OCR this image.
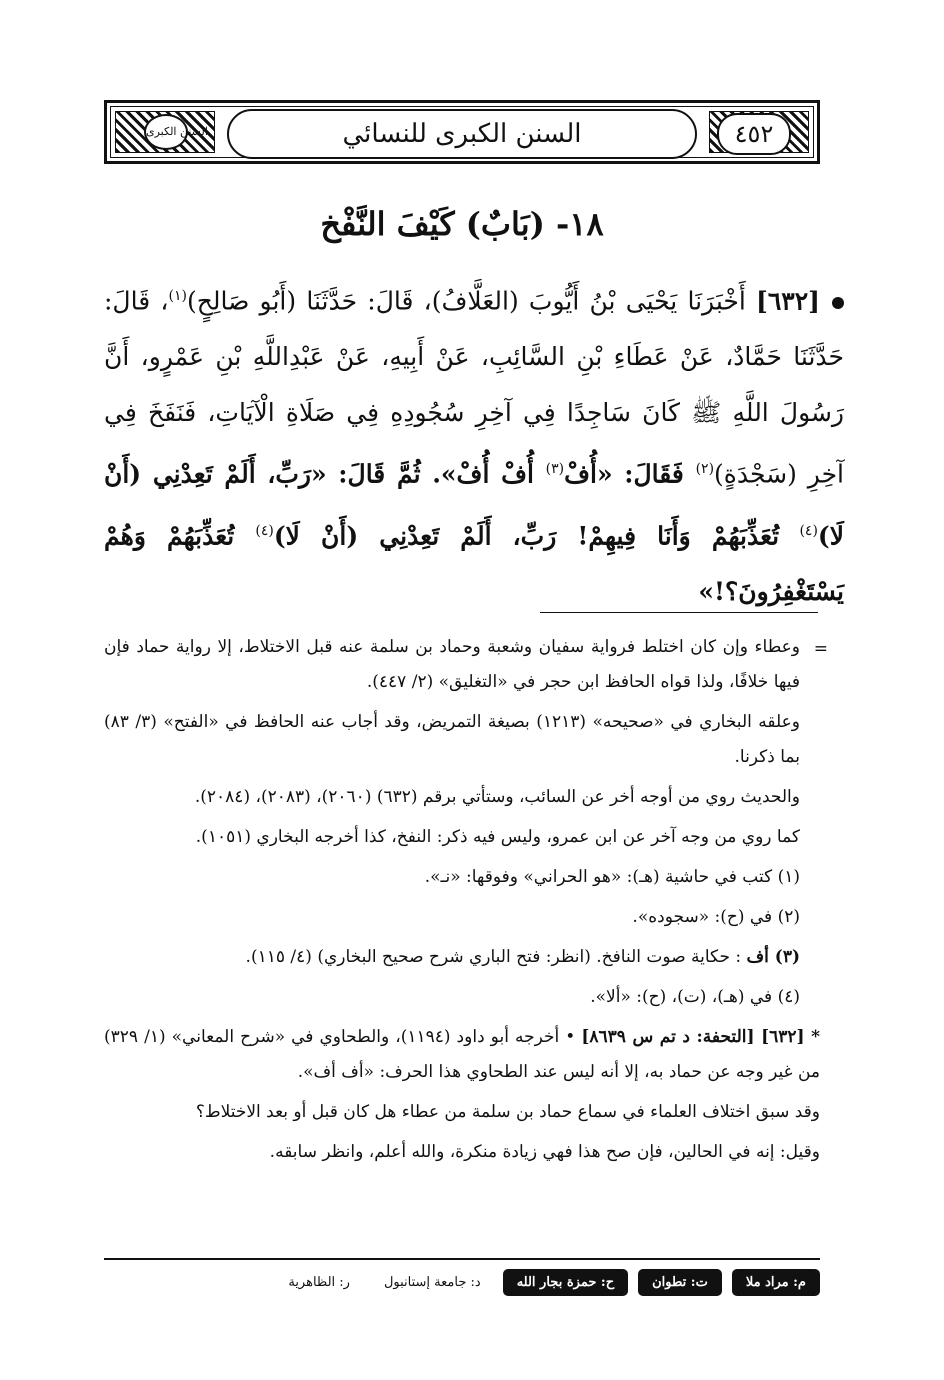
السنن الكبرى	السنن الكبرى للنسائي	٤٥٢
١٨- (بَابٌ) كَيْفَ النَّفْخ
[٦٣٢] أَخْبَرَنَا يَحْيَى بْنُ أَيُّوبَ (العَلَّافُ)، قَالَ: حَدَّثَنَا (أَبُو صَالِحٍ)$^{(١)}$، قَالَ: حَدَّثَنَا حَمَّادٌ، عَنْ عَطَاءِ بْنِ السَّائِبِ، عَنْ أَبِيهِ، عَنْ عَبْدِاللَّهِ بْنِ عَمْرٍو، أَنَّ رَسُولَ اللَّهِ ﷺ كَانَ سَاجِدًا فِي آخِرِ سُجُودِهِ فِي صَلَاةِ الْآيَاتِ، فَنَفَخَ فِي آخِرِ (سَجْدَةٍ)$^{(٢)}$ فَقَالَ: «أُفْ$^{(٣)}$ أُفْ أُفْ». ثُمَّ قَالَ: «رَبِّ، أَلَمْ تَعِدْنِي (أَنْ لَا)$^{(٤)}$ تُعَذِّبَهُمْ وَأَنَا فِيهِمْ! رَبِّ، أَلَمْ تَعِدْنِي (أَنْ لَا)$^{(٤)}$ تُعَذِّبَهُمْ وَهُمْ يَسْتَغْفِرُونَ؟!»
=

وعطاء وإن كان اختلط فرواية سفيان وشعبة وحماد بن سلمة عنه قبل الاختلاط، إلا رواية حماد فإن فيها خلافًا، ولذا قواه الحافظ ابن حجر في «التغليق» (٢/ ٤٤٧).

وعلقه البخاري في «صحيحه» (١٢١٣) بصيغة التمريض، وقد أجاب عنه الحافظ في «الفتح» (٣/ ٨٣) بما ذكرنا.

والحديث روي من أوجه أخر عن السائب، وستأتي برقم (٦٣٢) (٢٠٦٠)، (٢٠٨٣)، (٢٠٨٤).

كما روي من وجه آخر عن ابن عمرو، وليس فيه ذكر: النفخ، كذا أخرجه البخاري (١٠٥١).

(١) كتب في حاشية (هـ): «هو الحراني» وفوقها: «نـ».

(٢) في (ح): «سجوده».

(٣) أف : حكاية صوت النافخ. (انظر: فتح الباري شرح صحيح البخاري) (٤/ ١١٥).

(٤) في (هـ)، (ت)، (ح): «ألا».

* [٦٣٢] [التحفة: د تم س ٨٦٣٩] • أخرجه أبو داود (١١٩٤)، والطحاوي في «شرح المعاني» (١/ ٣٢٩) من غير وجه عن حماد به، إلا أنه ليس عند الطحاوي هذا الحرف: «أف أف».

وقد سبق اختلاف العلماء في سماع حماد بن سلمة من عطاء هل كان قبل أو بعد الاختلاط؟

وقيل: إنه في الحالين، فإن صح هذا فهي زيادة منكرة، والله أعلم، وانظر سابقه.

م: مراد ملا
ت: تطوان
ح: حمزة بجار الله
د: جامعة إستانبول
ر: الظاهرية
